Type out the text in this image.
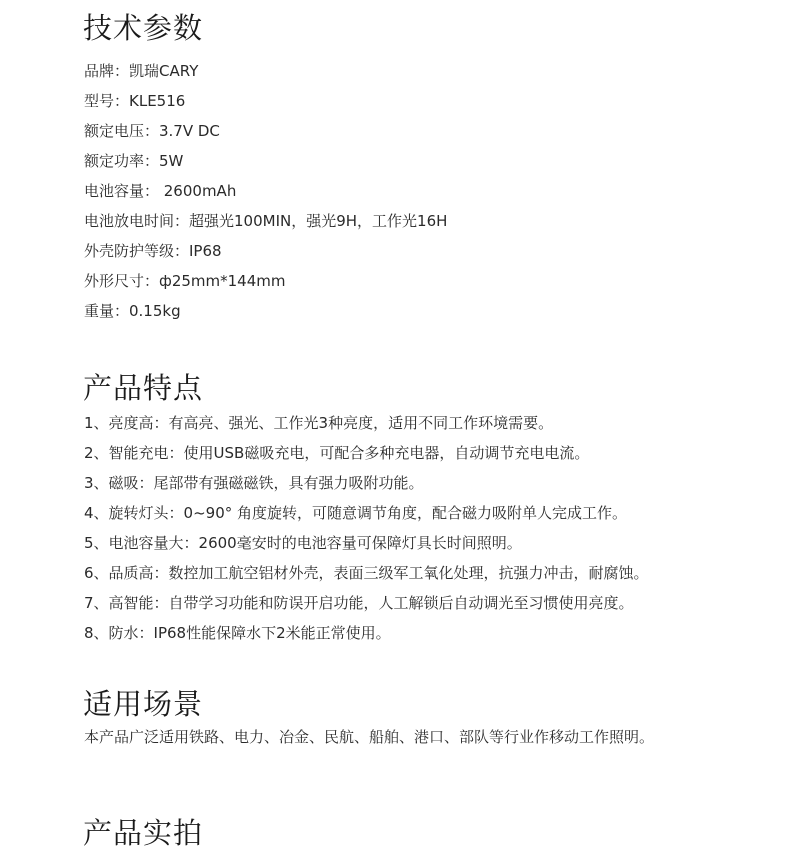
技术参数
品牌：凯瑞CARY
型号：KLE516
额定电压：3.7V DC
额定功率：5W
电池容量： 2600mAh
电池放电时间：超强光100MIN，强光9H，工作光16H
外壳防护等级：IP68
外形尺寸：ф25mm*144mm
重量：0.15kg
产品特点
1、亮度高：有高亮、强光、工作光3种亮度，适用不同工作环境需要。
2、智能充电：使用USB磁吸充电，可配合多种充电器，自动调节充电电流。
3、磁吸：尾部带有强磁磁铁，具有强力吸附功能。
4、旋转灯头：0~90° 角度旋转，可随意调节角度，配合磁力吸附单人完成工作。
5、电池容量大：2600毫安时的电池容量可保障灯具长时间照明。
6、品质高：数控加工航空铝材外壳，表面三级军工氧化处理，抗强力冲击，耐腐蚀。
7、高智能：自带学习功能和防误开启功能，人工解锁后自动调光至习惯使用亮度。
8、防水：IP68性能保障水下2米能正常使用。
适用场景

本产品广泛适用铁路、电力、冶金、民航、船舶、港口、部队等行业作移动工作照明。

产品实拍
